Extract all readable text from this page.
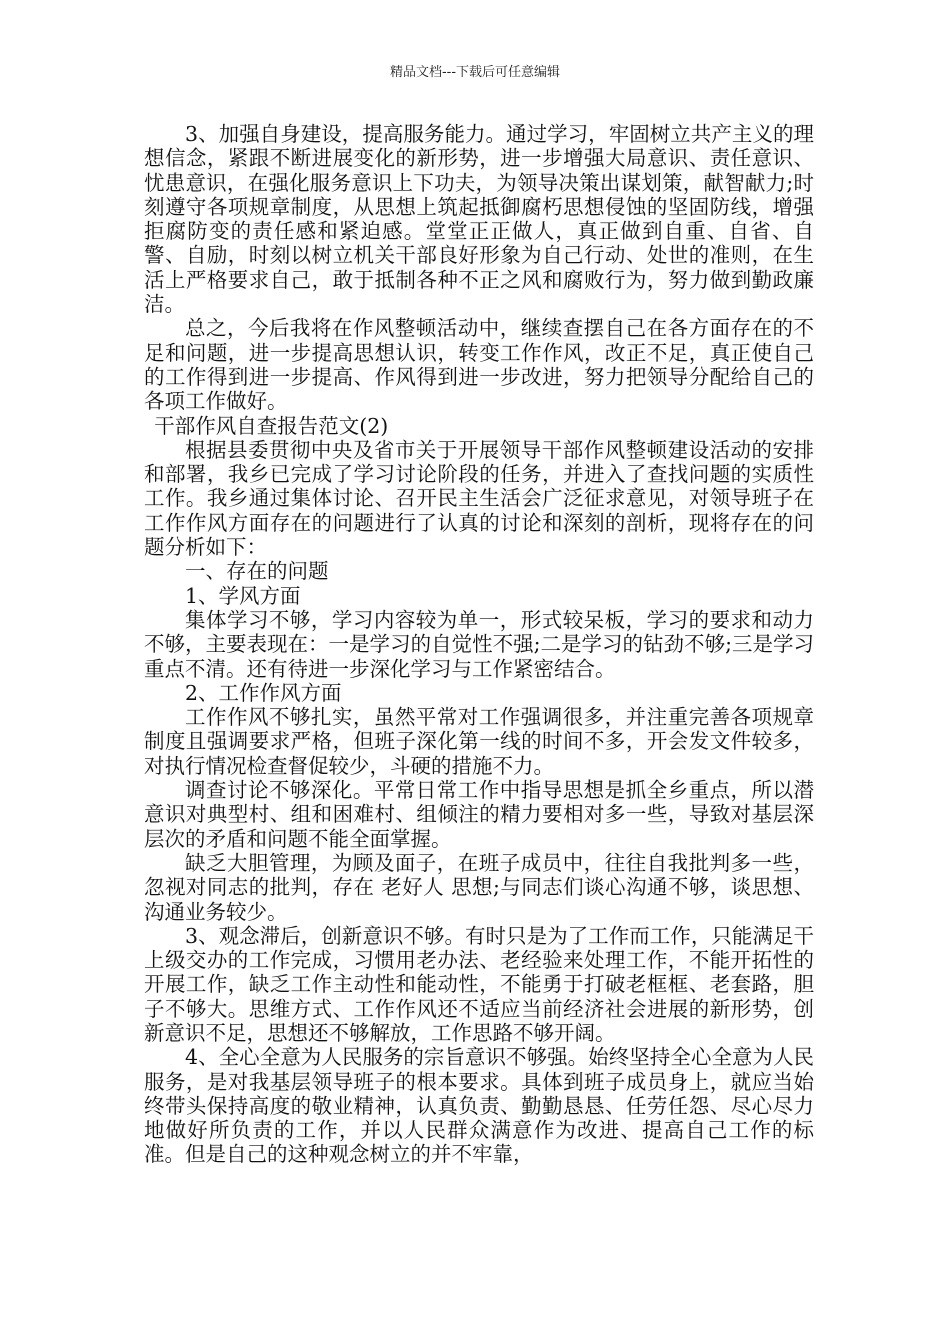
精品文档---下载后可任意编辑

3、加强自身建设，提高服务能力。通过学习，牢固树立共产主义的理想信念，紧跟不断进展变化的新形势，进一步增强大局意识、责任意识、忧患意识，在强化服务意识上下功夫，为领导决策出谋划策，献智献力;时刻遵守各项规章制度，从思想上筑起抵御腐朽思想侵蚀的坚固防线，增强拒腐防变的责任感和紧迫感。堂堂正正做人，真正做到自重、自省、自警、自励，时刻以树立机关干部良好形象为自己行动、处世的准则，在生活上严格要求自己，敢于抵制各种不正之风和腐败行为，努力做到勤政廉洁。

总之，今后我将在作风整顿活动中，继续查摆自己在各方面存在的不足和问题，进一步提高思想认识，转变工作作风，改正不足，真正使自己的工作得到进一步提高、作风得到进一步改进，努力把领导分配给自己的各项工作做好。

干部作风自查报告范文(2)

根据县委贯彻中央及省市关于开展领导干部作风整顿建设活动的安排和部署，我乡已完成了学习讨论阶段的任务，并进入了查找问题的实质性工作。我乡通过集体讨论、召开民主生活会广泛征求意见，对领导班子在工作作风方面存在的问题进行了认真的讨论和深刻的剖析，现将存在的问题分析如下：

一、存在的问题

1、学风方面

集体学习不够，学习内容较为单一，形式较呆板，学习的要求和动力不够，主要表现在：一是学习的自觉性不强;二是学习的钻劲不够;三是学习重点不清。还有待进一步深化学习与工作紧密结合。

2、工作作风方面

工作作风不够扎实，虽然平常对工作强调很多，并注重完善各项规章制度且强调要求严格，但班子深化第一线的时间不多，开会发文件较多，对执行情况检查督促较少，斗硬的措施不力。

调查讨论不够深化。平常日常工作中指导思想是抓全乡重点，所以潜意识对典型村、组和困难村、组倾注的精力要相对多一些，导致对基层深层次的矛盾和问题不能全面掌握。

缺乏大胆管理，为顾及面子，在班子成员中，往往自我批判多一些，忽视对同志的批判，存在 老好人 思想;与同志们谈心沟通不够，谈思想、沟通业务较少。

3、观念滞后，创新意识不够。有时只是为了工作而工作，只能满足干上级交办的工作完成，习惯用老办法、老经验来处理工作，不能开拓性的开展工作，缺乏工作主动性和能动性，不能勇于打破老框框、老套路，胆子不够大。思维方式、工作作风还不适应当前经济社会进展的新形势，创新意识不足，思想还不够解放，工作思路不够开阔。

4、全心全意为人民服务的宗旨意识不够强。始终坚持全心全意为人民服务，是对我基层领导班子的根本要求。具体到班子成员身上，就应当始终带头保持高度的敬业精神，认真负责、勤勤恳恳、任劳任怨、尽心尽力地做好所负责的工作，并以人民群众满意作为改进、提高自己工作的标准。但是自己的这种观念树立的并不牢靠，
